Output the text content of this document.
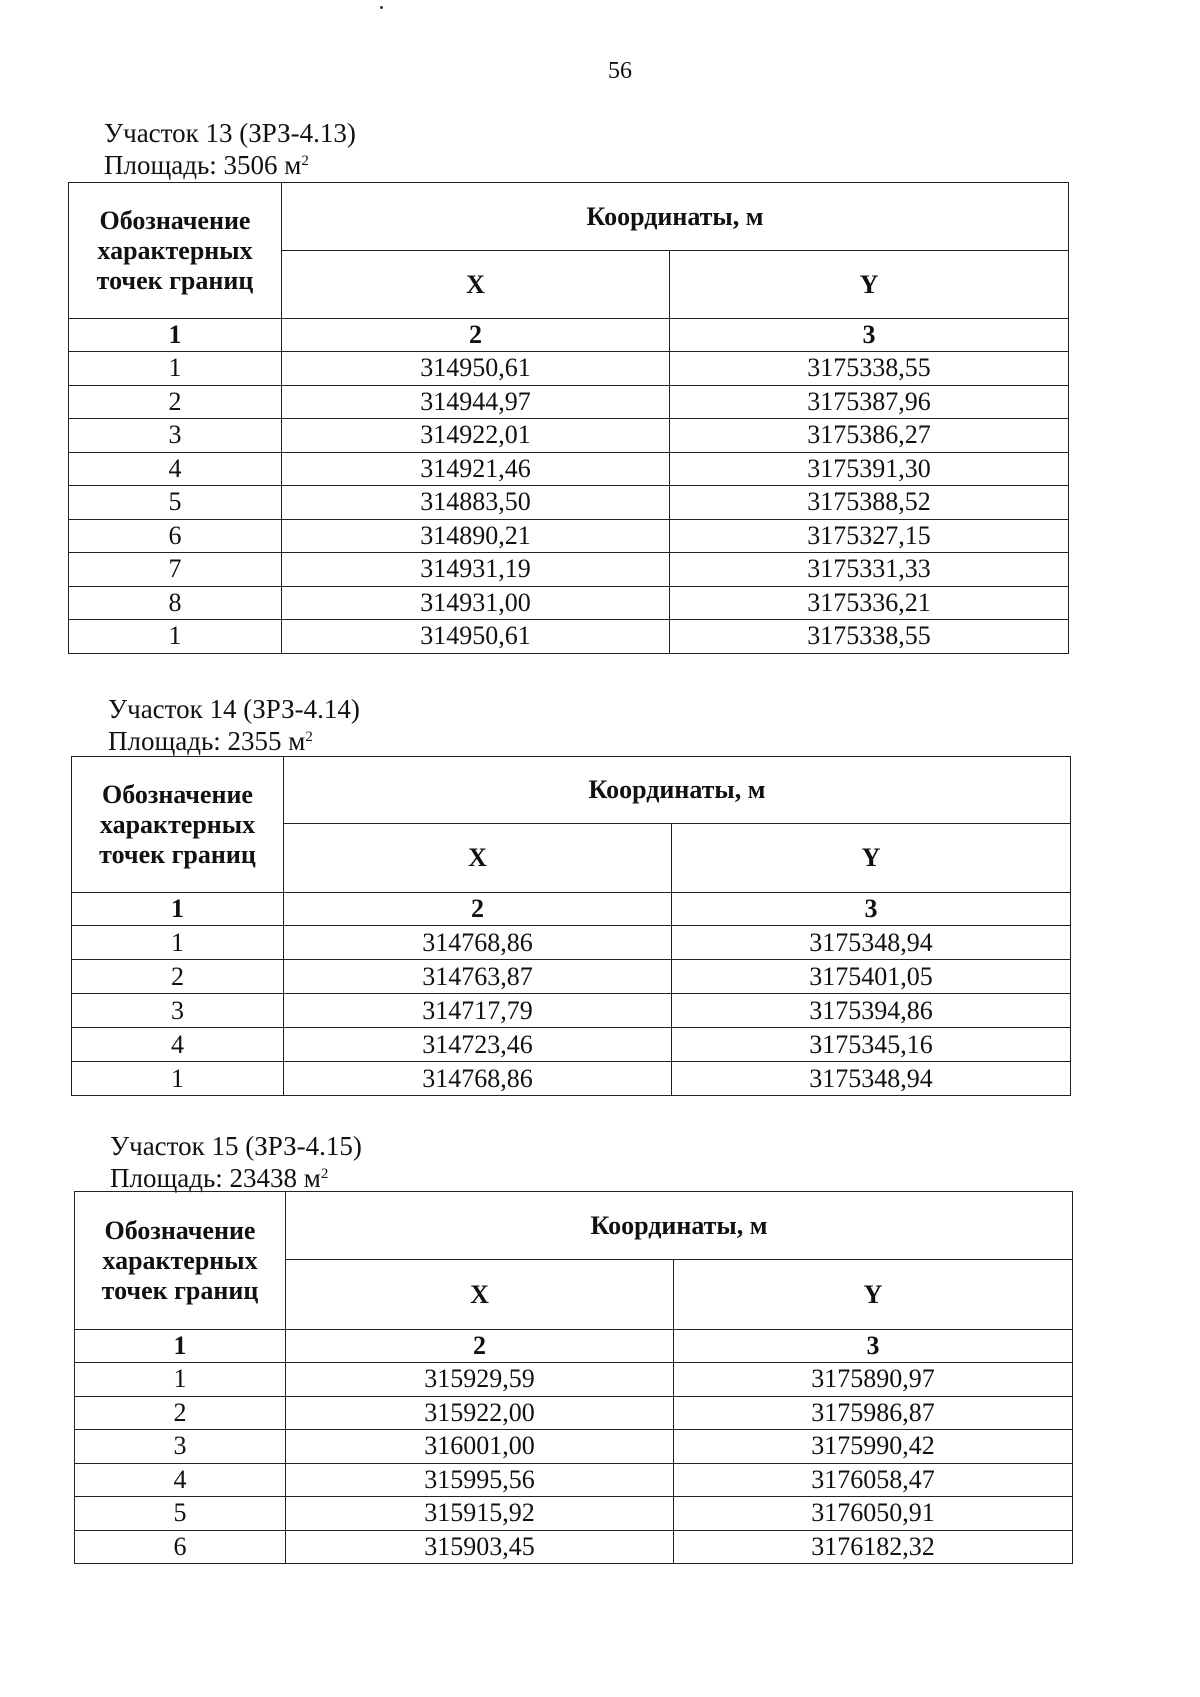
56
Участок 13 (ЗРЗ-4.13)
Площадь: 3506 $м^2$
Обозначение характерных точек границ	Координаты, м	
	X	Y
1	2	3
1	314950,61	3175338,55
2	314944,97	3175387,96
3	314922,01	3175386,27
4	314921,46	3175391,30
5	314883,50	3175388,52
6	314890,21	3175327,15
7	314931,19	3175331,33
8	314931,00	3175336,21
1	314950,61	3175338,55
Участок 14 (ЗРЗ-4.14)
Площадь: 2355 $м^2$
Обозначение характерных точек границ	Координаты, м	
	X	Y
1	2	3
1	314768,86	3175348,94
2	314763,87	3175401,05
3	314717,79	3175394,86
4	314723,46	3175345,16
1	314768,86	3175348,94
Участок 15 (ЗРЗ-4.15)
Площадь: 23438 $м^2$
Обозначение характерных точек границ	Координаты, м	
	X	Y
1	2	3
1	315929,59	3175890,97
2	315922,00	3175986,87
3	316001,00	3175990,42
4	315995,56	3176058,47
5	315915,92	3176050,91
6	315903,45	3176182,32
